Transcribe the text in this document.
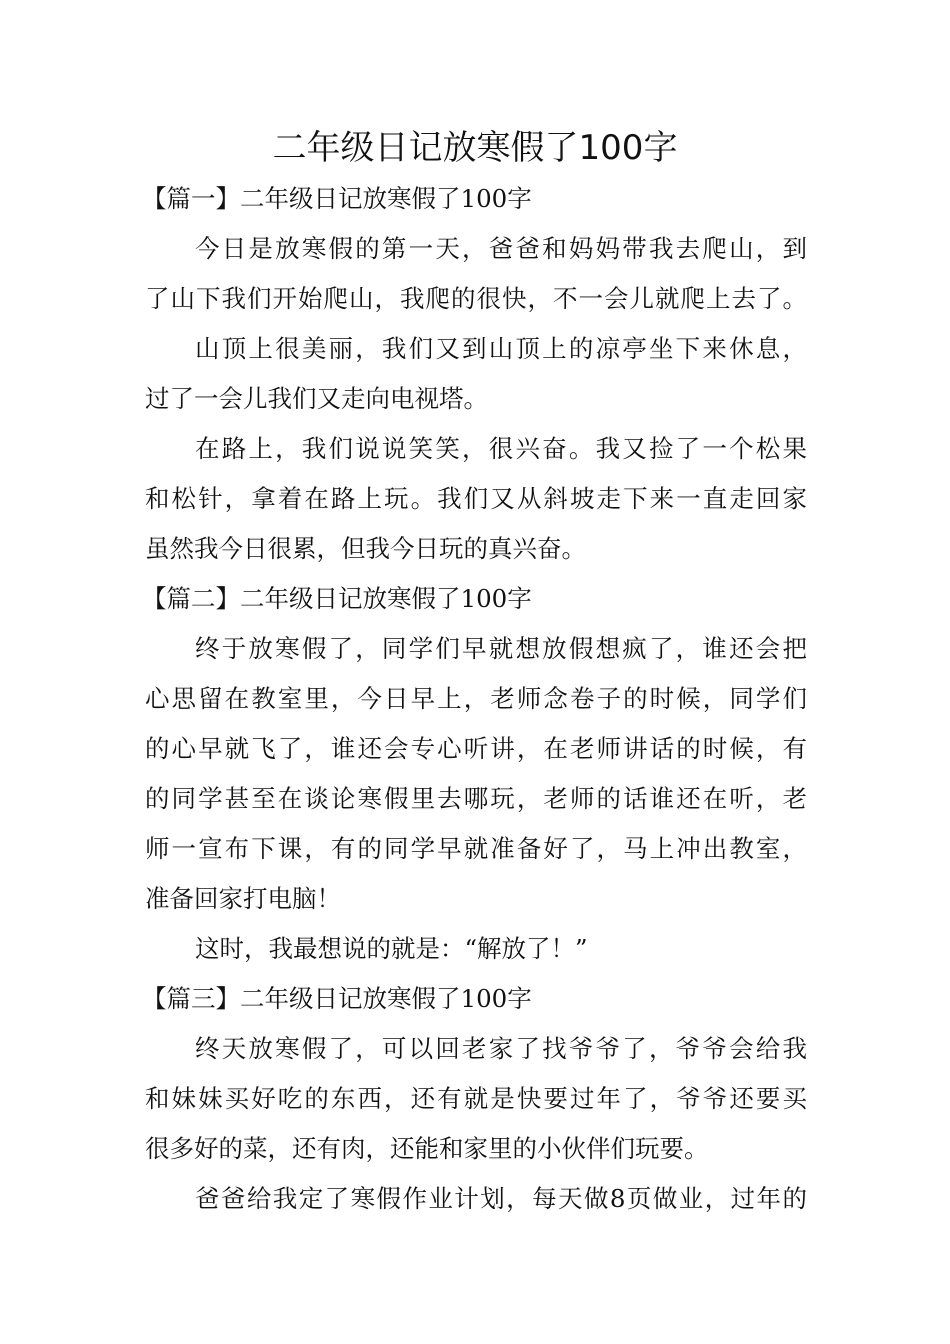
二年级日记放寒假了100字
【篇一】二年级日记放寒假了100字
今日是放寒假的第一天，爸爸和妈妈带我去爬山，到
了山下我们开始爬山，我爬的很快，不一会儿就爬上去了。
山顶上很美丽，我们又到山顶上的凉亭坐下来休息，
过了一会儿我们又走向电视塔。
在路上，我们说说笑笑，很兴奋。我又捡了一个松果
和松针，拿着在路上玩。我们又从斜坡走下来一直走回家
虽然我今日很累，但我今日玩的真兴奋。
【篇二】二年级日记放寒假了100字
终于放寒假了，同学们早就想放假想疯了，谁还会把
心思留在教室里，今日早上，老师念卷子的时候，同学们
的心早就飞了，谁还会专心听讲，在老师讲话的时候，有
的同学甚至在谈论寒假里去哪玩，老师的话谁还在听，老
师一宣布下课，有的同学早就准备好了，马上冲出教室，
准备回家打电脑！
这时，我最想说的就是：“解放了！”
【篇三】二年级日记放寒假了100字
终天放寒假了，可以回老家了找爷爷了，爷爷会给我
和妹妹买好吃的东西，还有就是快要过年了，爷爷还要买
很多好的菜，还有肉，还能和家里的小伙伴们玩要。
爸爸给我定了寒假作业计划，每天做8页做业，过年的
